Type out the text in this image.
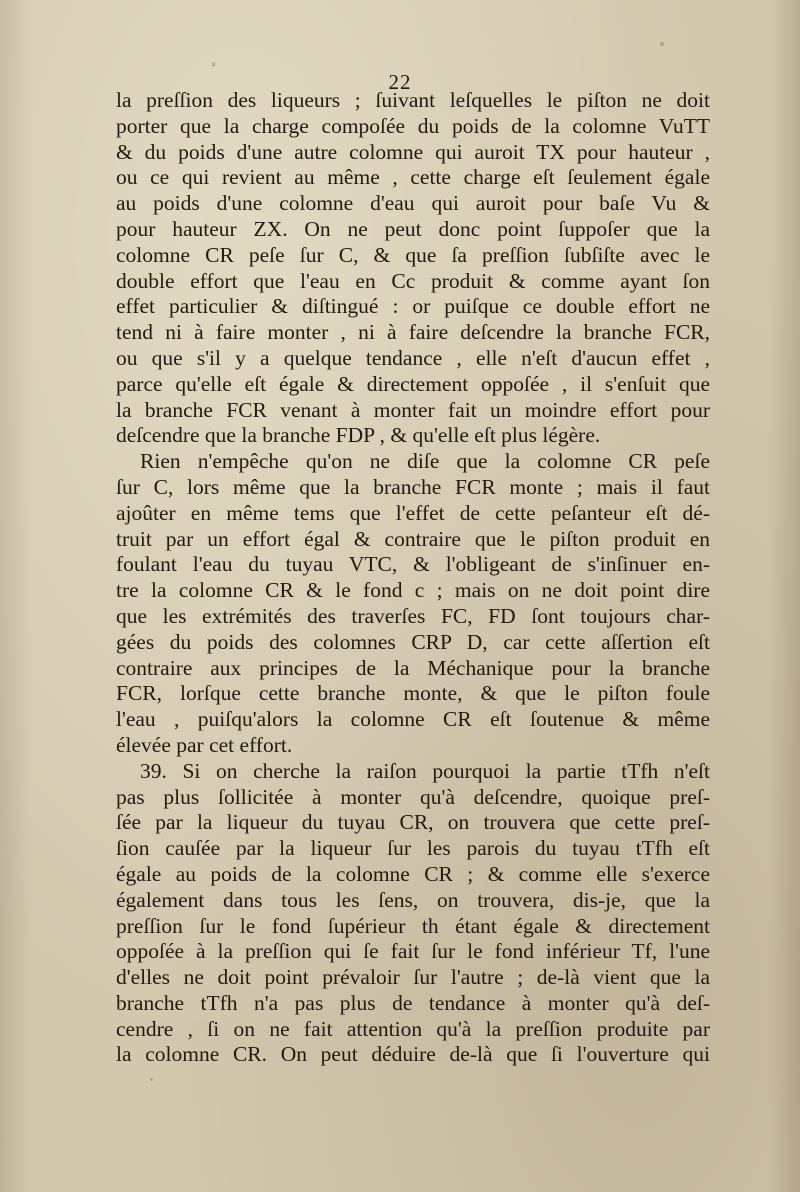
22
la preſſion des liqueurs ; ſuivant leſquelles le piſton ne doit
porter que la charge compoſée du poids de la colomne VuTT
& du poids d'une autre colomne qui auroit TX pour hauteur ,
ou ce qui revient au même , cette charge eſt ſeulement égale
au poids d'une colomne d'eau qui auroit pour baſe Vu &
pour hauteur ZX. On ne peut donc point ſuppoſer que la
colomne CR peſe ſur C, & que ſa preſſion ſubſiſte avec le
double effort que l'eau en Cc produit & comme ayant ſon
effet particulier & diſtingué : or puiſque ce double effort ne
tend ni à faire monter , ni à faire deſcendre la branche FCR,
ou que s'il y a quelque tendance , elle n'eſt d'aucun effet ,
parce qu'elle eſt égale & directement oppoſée , il s'enſuit que
la branche FCR venant à monter fait un moindre effort pour
deſcendre que la branche FDP , & qu'elle eſt plus légère.
Rien n'empêche qu'on ne diſe que la colomne CR peſe
ſur C, lors même que la branche FCR monte ; mais il faut
ajoûter en même tems que l'effet de cette peſanteur eſt dé-
truit par un effort égal & contraire que le piſton produit en
foulant l'eau du tuyau VTC, & l'obligeant de s'inſinuer en-
tre la colomne CR & le fond c ; mais on ne doit point dire
que les extrémités des traverſes FC, FD ſont toujours char-
gées du poids des colomnes CRP D, car cette aſſertion eſt
contraire aux principes de la Méchanique pour la branche
FCR, lorſque cette branche monte, & que le piſton foule
l'eau , puiſqu'alors la colomne CR eſt ſoutenue & même
élevée par cet effort.
39. Si on cherche la raiſon pourquoi la partie tTfh n'eſt
pas plus ſollicitée à monter qu'à deſcendre, quoique preſ-
ſée par la liqueur du tuyau CR, on trouvera que cette preſ-
ſion cauſée par la liqueur ſur les parois du tuyau tTfh eſt
égale au poids de la colomne CR ; & comme elle s'exerce
également dans tous les ſens, on trouvera, dis-je, que la
preſſion ſur le fond ſupérieur th étant égale & directement
oppoſée à la preſſion qui ſe fait ſur le fond inférieur Tf, l'une
d'elles ne doit point prévaloir ſur l'autre ; de-là vient que la
branche tTfh n'a pas plus de tendance à monter qu'à deſ-
cendre , ſi on ne fait attention qu'à la preſſion produite par
la colomne CR. On peut déduire de-là que ſi l'ouverture qui
